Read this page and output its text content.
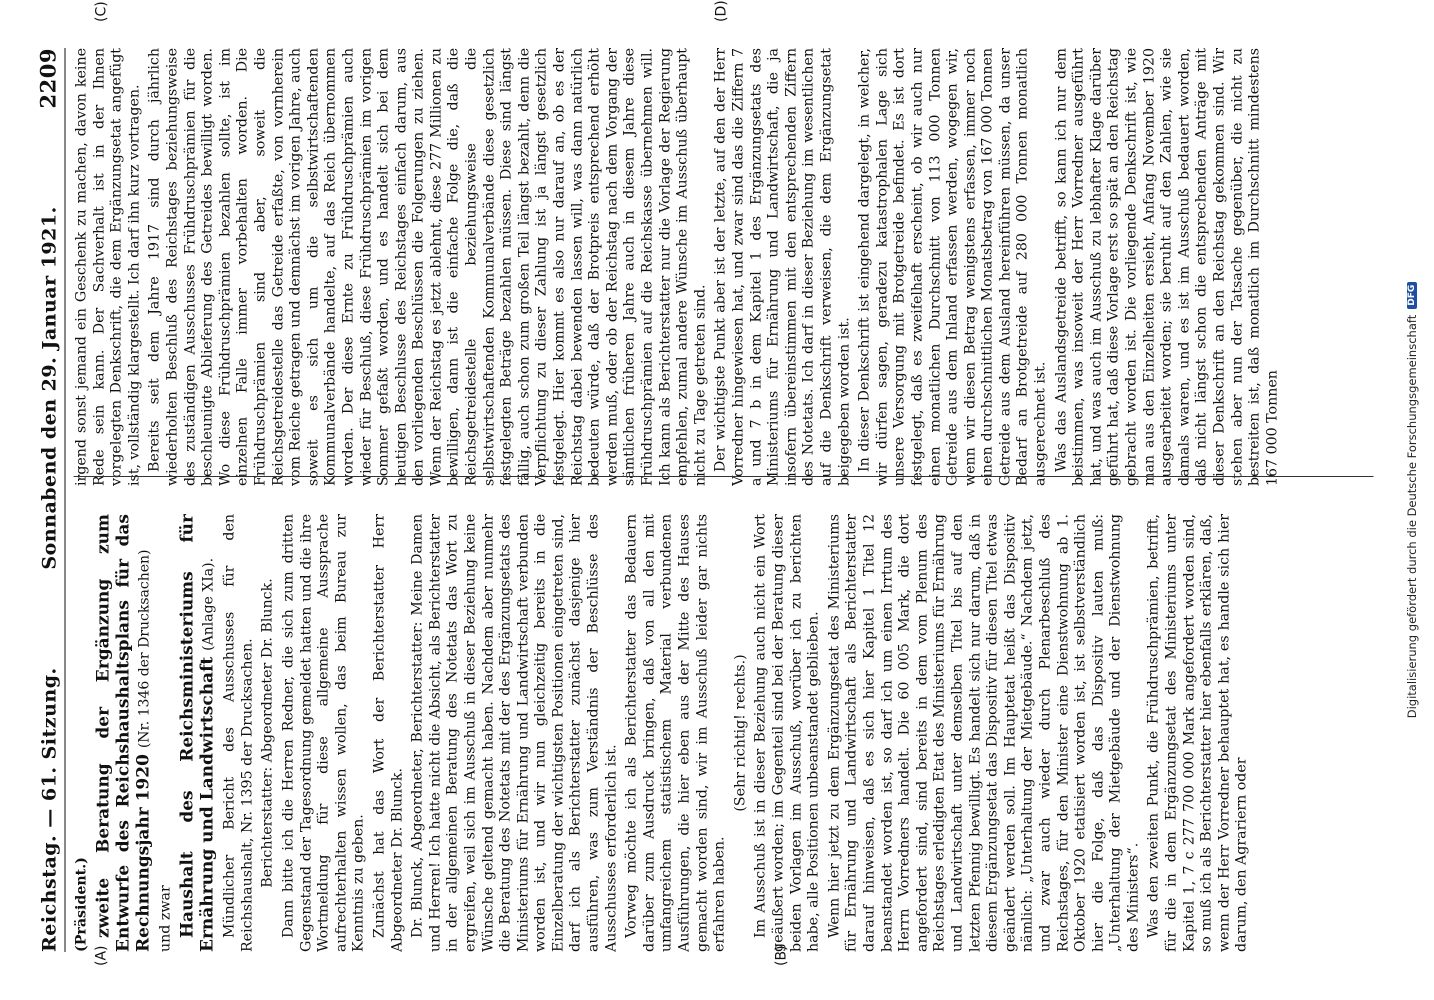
Reichstag. — 61. Sitzung.
Sonnabend den 29. Januar 1921.
2209
(A)	(B)
(C)	(D)
(Präsident.) zweite Beratung der Ergänzung zum Entwurfe des Reichshaushaltsplans für das Rechnungsjahr 1920 (Nr. 1346 der Drucksachen)

und zwar Haushalt des Reichsministeriums für Ernährung und Landwirtschaft (Anlage XIa). Mündlicher Bericht des Ausschusses für den Reichshaushalt, Nr. 1395 der Drucksachen. Berichterstatter: Abgeordneter Dr. Blunck. Dann bitte ich die Herren Redner, die sich zum dritten Gegenstand der Tagesordnung gemeldet hatten und die ihre Wortmeldung für diese allgemeine Aussprache aufrechterhalten wissen wollen, das beim Bureau zur Kenntnis zu geben. Zunächst hat das Wort der Berichterstatter Herr Abgeordneter Dr. Blunck. Dr. Blunck, Abgeordneter, Berichterstatter: Meine Damen und Herren! Ich hatte nicht die Absicht, als Berichterstatter in der allgemeinen Beratung des Notetats das Wort zu ergreifen, weil sich im Ausschuß in dieser Beziehung keine Wünsche geltend gemacht haben. Nachdem aber nunmehr die Beratung des Notetats mit der des Ergänzungsetats des Ministeriums für Ernährung und Landwirtschaft verbunden worden ist, und wir nun gleichzeitig bereits in die Einzelberatung der wichtigsten Positionen eingetreten sind, darf ich als Berichterstatter zunächst dasjenige hier ausführen, was zum Verständnis der Beschlüsse des Ausschusses erforderlich ist. Vorweg möchte ich als Berichterstatter das Bedauern darüber zum Ausdruck bringen, daß von all den mit umfangreichem statistischem Material verbundenen Ausführungen, die hier eben aus der Mitte des Hauses gemacht worden sind, wir im Ausschuß leider gar nichts erfahren haben.

(Sehr richtig! rechts.) Im Ausschuß ist in dieser Beziehung auch nicht ein Wort geäußert worden; im Gegenteil sind bei der Beratung dieser beiden Vorlagen im Ausschuß, worüber ich zu berichten habe, alle Positionen unbeanstandet geblieben. Wenn hier jetzt zu dem Ergänzungsetat des Ministeriums für Ernährung und Landwirtschaft als Berichterstatter darauf hinweisen, daß es sich hier Kapitel 1 Titel 12 beanstandet worden ist, so darf ich um einen Irrtum des Herrn Vorredners handelt. Die 60 005 Mark, die dort angefordert sind, sind bereits in dem vom Plenum des Reichstages erledigten Etat des Ministeriums für Ernährung und Landwirtschaft unter demselben Titel bis auf den letzten Pfennig bewilligt. Es handelt sich nur darum, daß in diesem Ergänzungsetat das Dispositiv für diesen Titel etwas geändert werden soll. Im Hauptetat heißt das Dispositiv nämlich: „Unterhaltung der Mietgebäude.“ Nachdem jetzt, und zwar auch wieder durch Plenarbeschluß des Reichstages, für den Minister eine Dienstwohnung ab 1. Oktober 1920 etatisiert worden ist, ist selbstverständlich hier die Folge, daß das Dispositiv lauten muß: „Unterhaltung der Mietgebäude und der Dienstwohnung des Ministers“. Was den zweiten Punkt, die Frühdruschprämien, betrifft, für die in dem Ergänzungsetat des Ministeriums unter Kapitel 1, 7 c 277 700 000 Mark angefordert worden sind, so muß ich als Berichterstatter hier ebenfalls erklären, daß, wenn der Herr Vorredner behauptet hat, es handle sich hier darum, den Agrariern oder

irgend sonst jemand ein Geschenk zu machen, davon keine Rede sein kann. Der Sachverhalt ist in der Ihnen vorgelegten Denkschrift, die dem Ergänzungsetat angefügt ist, vollständig klargestellt. Ich darf ihn kurz vortragen. Bereits seit dem Jahre 1917 sind durch jährlich wiederholten Beschluß des Reichstages beziehungsweise des zuständigen Ausschusses Frühdruschprämien für die beschleunigte Ablieferung des Getreides bewilligt worden. Wo diese Frühdruschprämien bezahlen sollte, ist im einzelnen Falle immer vorbehalten worden. Die Frühdruschprämien sind aber, soweit die Reichsgetreidestelle das Getreide erfaßte, von vornherein vom Reiche getragen und demnächst im vorigen Jahre, auch soweit es sich um die selbstwirtschaftenden Kommunalverbände handelte, auf das Reich übernommen worden. Der diese Ernte zu Frühdruschprämien auch wieder für Beschluß, diese Frühdruschprämien im vorigen Sommer gefaßt worden, und es handelt sich bei dem heutigen Beschlusse des Reichstages einfach darum, aus den vorliegenden Beschlüssen die Folgerungen zu ziehen. Wenn der Reichstag es jetzt ablehnt, diese 277 Millionen zu bewilligen, dann ist die einfache Folge die, daß die Reichsgetreidestelle beziehungsweise die selbstwirtschaftenden Kommunalverbände diese gesetzlich festgelegten Beträge bezahlen müssen. Diese sind längst fällig, auch schon zum großen Teil längst bezahlt, denn die Verpflichtung zu dieser Zahlung ist ja längst gesetzlich festgelegt. Hier kommt es also nur darauf an, ob es der Reichstag dabei bewenden lassen will, was dann natürlich bedeuten würde, daß der Brotpreis entsprechend erhöht werden muß, oder ob der Reichstag nach dem Vorgang der sämtlichen früheren Jahre auch in diesem Jahre diese Frühdruschprämien auf die Reichskasse übernehmen will. Ich kann als Berichterstatter nur die Vorlage der Regierung empfehlen, zumal andere Wünsche im Ausschuß überhaupt nicht zu Tage getreten sind. Der wichtigste Punkt aber ist der letzte, auf den der Herr Vorredner hingewiesen hat, und zwar sind das die Ziffern 7 a und 7 b in dem Kapitel 1 des Ergänzungsetats des Ministeriums für Ernährung und Landwirtschaft, die ja insofern übereinstimmen mit den entsprechenden Ziffern des Notetats. Ich darf in dieser Beziehung im wesentlichen auf die Denkschrift verweisen, die dem Ergänzungsetat beigegeben worden ist. In dieser Denkschrift ist eingehend dargelegt, in welcher, wir dürfen sagen, geradezu katastrophalen Lage sich unsere Versorgung mit Brotgetreide befindet. Es ist dort festgelegt, daß es zweifelhaft erscheint, ob wir auch nur einen monatlichen Durchschnitt von 113 000 Tonnen Getreide aus dem Inland erfassen werden, wogegen wir, wenn wir diesen Betrag wenigstens erfassen, immer noch einen durchschnittlichen Monatsbetrag von 167 000 Tonnen Getreide aus dem Ausland hereinführen müssen, da unser Bedarf an Brotgetreide auf 280 000 Tonnen monatlich ausgerechnet ist. Was das Auslandsgetreide betrifft, so kann ich nur dem beistimmen, was insoweit der Herr Vorredner ausgeführt hat, und was auch im Ausschuß zu lebhafter Klage darüber geführt hat, daß diese Vorlage erst so spät an den Reichstag gebracht worden ist. Die vorliegende Denkschrift ist, wie man aus den Einzelheiten ersieht, Anfang November 1920 ausgearbeitet worden; sie beruht auf den Zahlen, wie sie damals waren, und es ist im Ausschuß bedauert worden, daß nicht längst schon die entsprechenden Anträge mit dieser Denkschrift an den Reichstag gekommen sind. Wir stehen aber nun der Tatsache gegenüber, die nicht zu bestreiten ist, daß monatlich im Durchschnitt mindestens 167 000 Tonnen	Digitalisierung gefördert durch die Deutsche Forschungsgemeinschaft
DFG
